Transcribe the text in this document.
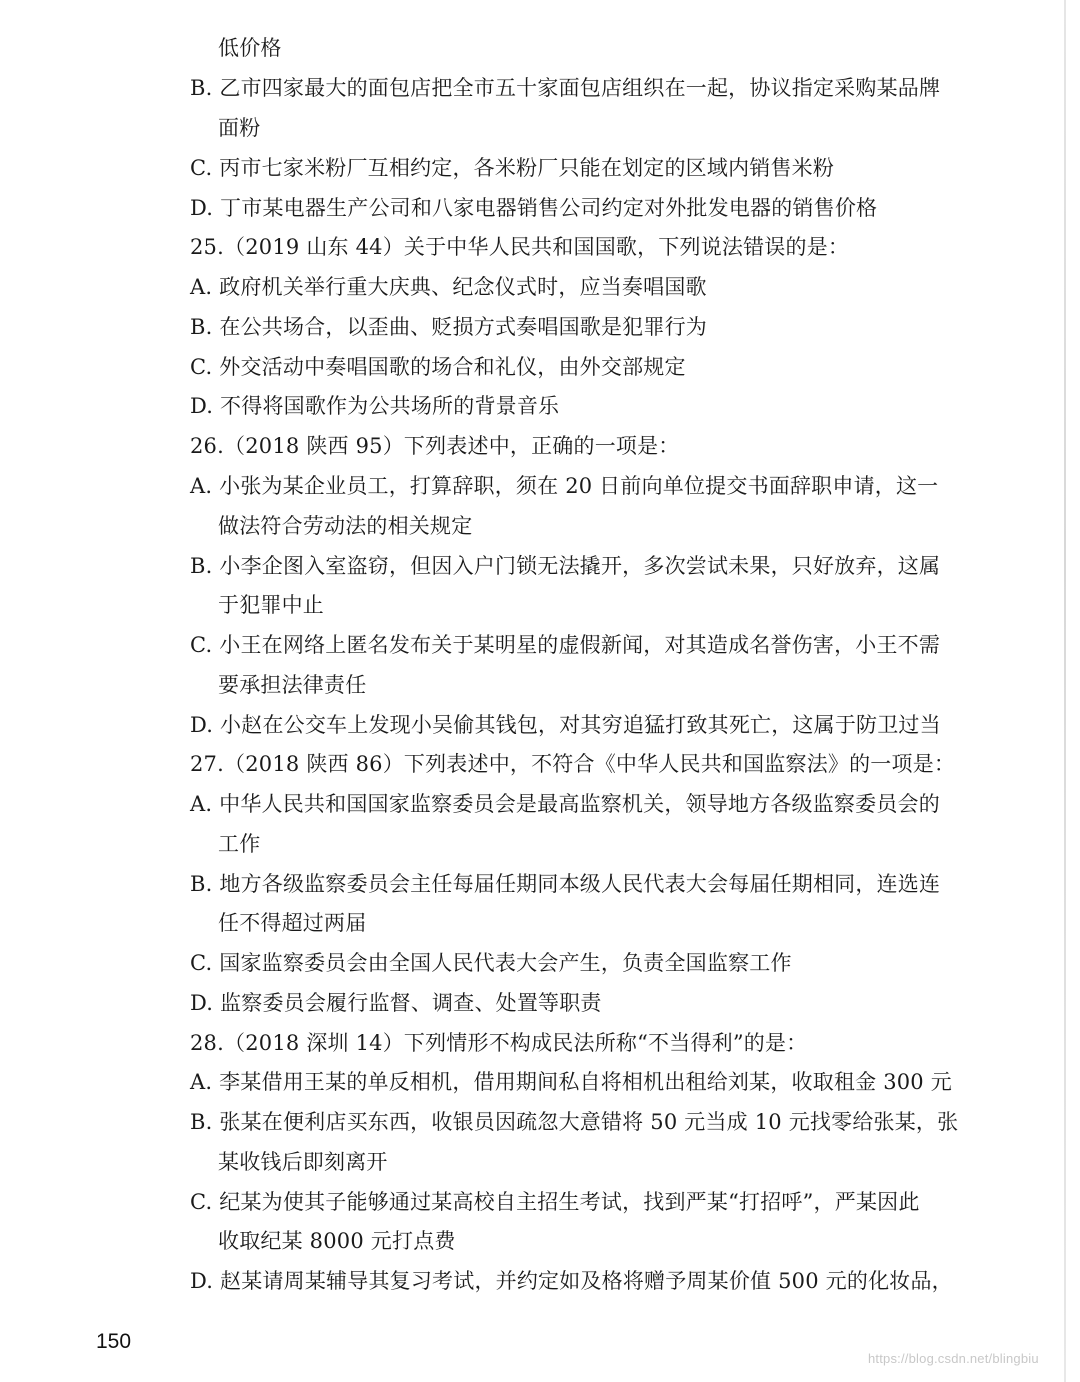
低价格
B. 乙市四家最大的面包店把全市五十家面包店组织在一起，协议指定采购某品牌
面粉
C. 丙市七家米粉厂互相约定，各米粉厂只能在划定的区域内销售米粉
D. 丁市某电器生产公司和八家电器销售公司约定对外批发电器的销售价格
25.（2019 山东 44）关于中华人民共和国国歌，下列说法错误的是：
A. 政府机关举行重大庆典、纪念仪式时，应当奏唱国歌
B. 在公共场合，以歪曲、贬损方式奏唱国歌是犯罪行为
C. 外交活动中奏唱国歌的场合和礼仪，由外交部规定
D. 不得将国歌作为公共场所的背景音乐
26.（2018 陕西 95）下列表述中，正确的一项是：
A. 小张为某企业员工，打算辞职，须在 20 日前向单位提交书面辞职申请，这一
做法符合劳动法的相关规定
B. 小李企图入室盗窃，但因入户门锁无法撬开，多次尝试未果，只好放弃，这属
于犯罪中止
C. 小王在网络上匿名发布关于某明星的虚假新闻，对其造成名誉伤害，小王不需
要承担法律责任
D. 小赵在公交车上发现小吴偷其钱包，对其穷追猛打致其死亡，这属于防卫过当
27.（2018 陕西 86）下列表述中，不符合《中华人民共和国监察法》的一项是：
A. 中华人民共和国国家监察委员会是最高监察机关，领导地方各级监察委员会的
工作
B. 地方各级监察委员会主任每届任期同本级人民代表大会每届任期相同，连选连
任不得超过两届
C. 国家监察委员会由全国人民代表大会产生，负责全国监察工作
D. 监察委员会履行监督、调查、处置等职责
28.（2018 深圳 14）下列情形不构成民法所称“不当得利”的是：
A. 李某借用王某的单反相机，借用期间私自将相机出租给刘某，收取租金 300 元
B. 张某在便利店买东西，收银员因疏忽大意错将 50 元当成 10 元找零给张某，张
某收钱后即刻离开
C. 纪某为使其子能够通过某高校自主招生考试，找到严某“打招呼”，严某因此
收取纪某 8000 元打点费
D. 赵某请周某辅导其复习考试，并约定如及格将赠予周某价值 500 元的化妆品，
150
https://blog.csdn.net/blingbiu
